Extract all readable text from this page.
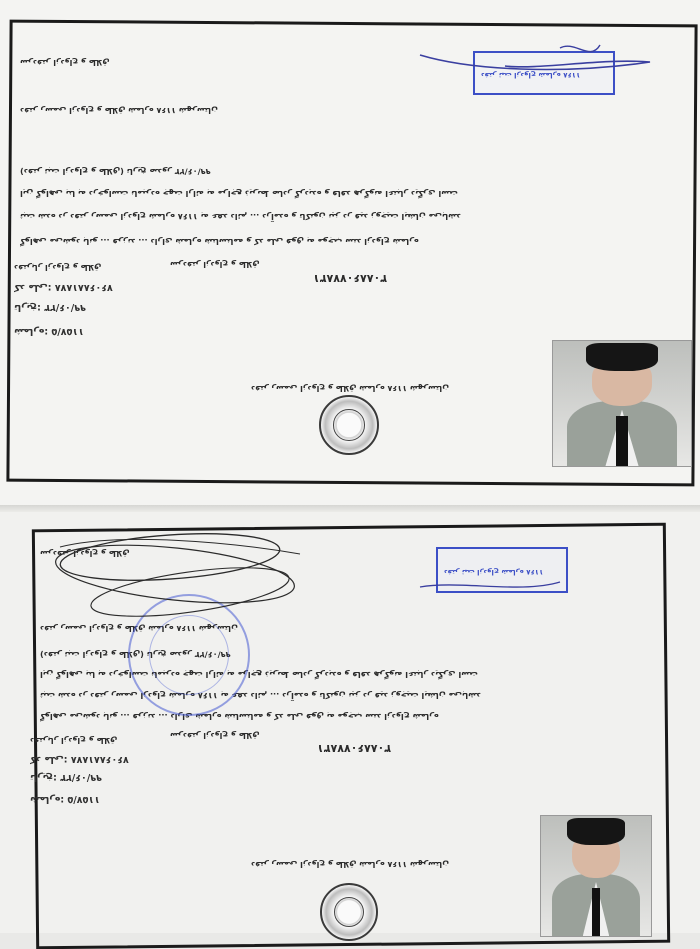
دفتر رسمی ازدواج و طلاق شماره ۱۱۶۸ شهرستان
شماره: ۱۱۵۷/۵
تاریخ: ۹۹/۰۶/۲۳
کد ملی: ۷۶۰۶۸۸۱۸۷۸
دفتریار ازدواج و طلاق
۳۰۸۸۶۰۷۷۸۳۱
سردفتر ازدواج و طلاق
گواهی می‌شود بانو ... فرزند ... دارای شماره شناسنامه و کد ملی فوق به موجب سند ازدواج شماره
ثبت شده در دفتر رسمی ازدواج شماره ۱۱۶۸ به عقد دائم ... درآمده و تاکنون نیز در قید زوجیت ایشان می‌باشد
این گواهی بنا به درخواست نامبرده جهت ارائه به مراجع ذیربط صادر گردیده و فاقد هرگونه اعتبار دیگری است
(دفتر ثبت ازدواج و طلاق) تاریخ صدور ۹۹/۰۶/۲۳
دفتر رسمی ازدواج و طلاق شماره ۱۱۶۸ شهرستان
دفتر ثبت ازدواج شماره ۱۱۶۸
سردفتر ازدواج و طلاق
دفتر رسمی ازدواج و طلاق شماره ۱۱۶۸ شهرستان
شماره: ۱۱۵۷/۵
تاریخ: ۹۹/۰۶/۲۳
کد ملی: ۷۶۰۶۸۸۱۸۷۸
دفتریار ازدواج و طلاق
۳۰۸۸۶۰۷۷۸۳۱
سردفتر ازدواج و طلاق
گواهی می‌شود بانو ... فرزند ... دارای شماره شناسنامه و کد ملی فوق به موجب سند ازدواج شماره
ثبت شده در دفتر رسمی ازدواج شماره ۱۱۶۸ به عقد دائم ... درآمده و تاکنون نیز در قید زوجیت ایشان می‌باشد
این گواهی بنا به درخواست نامبرده جهت ارائه به مراجع ذیربط صادر گردیده و فاقد هرگونه اعتبار دیگری است
(دفتر ثبت ازدواج و طلاق) تاریخ صدور ۹۹/۰۶/۲۳
دفتر رسمی ازدواج و طلاق شماره ۱۱۶۸ شهرستان
دفتر ثبت ازدواج شماره ۱۱۶۸
سردفتر ازدواج و طلاق
